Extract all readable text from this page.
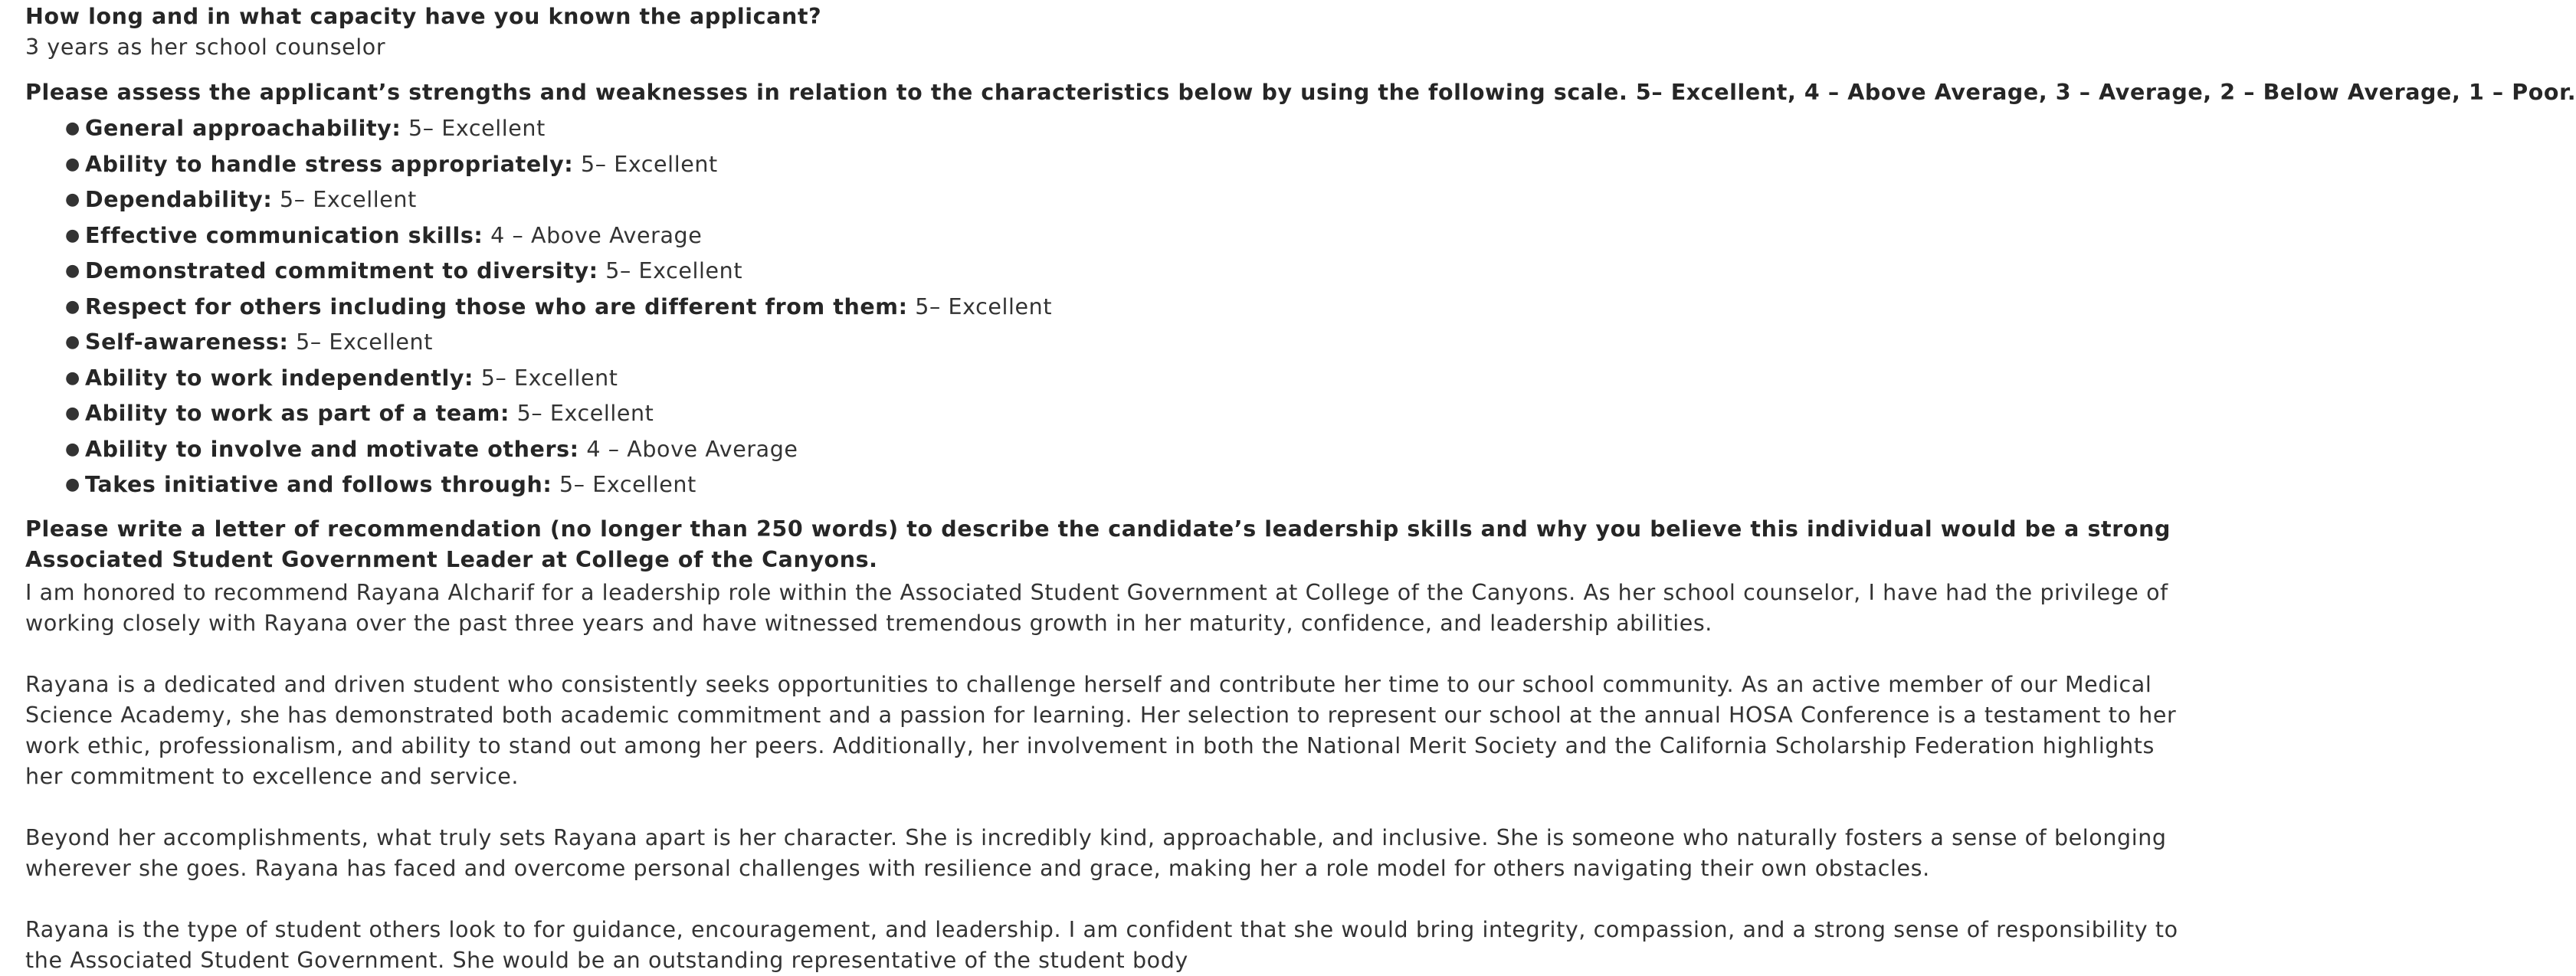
How long and in what capacity have you known the applicant?
3 years as her school counselor
Please assess the applicant’s strengths and weaknesses in relation to the characteristics below by using the following scale. 5– Excellent, 4 – Above Average, 3 – Average, 2 – Below Average, 1 – Poor.
● General approachability: 5– Excellent
● Ability to handle stress appropriately: 5– Excellent
● Dependability: 5– Excellent
● Effective communication skills: 4 – Above Average
● Demonstrated commitment to diversity: 5– Excellent
● Respect for others including those who are different from them: 5– Excellent
● Self-awareness: 5– Excellent
● Ability to work independently: 5– Excellent
● Ability to work as part of a team: 5– Excellent
● Ability to involve and motivate others: 4 – Above Average
● Takes initiative and follows through: 5– Excellent
Please write a letter of recommendation (no longer than 250 words) to describe the candidate’s leadership skills and why you believe this individual would be a strong Associated Student Government Leader at College of the Canyons.

I am honored to recommend Rayana Alcharif for a leadership role within the Associated Student Government at College of the Canyons. As her school counselor, I have had the privilege of working closely with Rayana over the past three years and have witnessed tremendous growth in her maturity, confidence, and leadership abilities.

Rayana is a dedicated and driven student who consistently seeks opportunities to challenge herself and contribute her time to our school community. As an active member of our Medical Science Academy, she has demonstrated both academic commitment and a passion for learning. Her selection to represent our school at the annual HOSA Conference is a testament to her work ethic, professionalism, and ability to stand out among her peers. Additionally, her involvement in both the National Merit Society and the California Scholarship Federation highlights her commitment to excellence and service.

Beyond her accomplishments, what truly sets Rayana apart is her character. She is incredibly kind, approachable, and inclusive. She is someone who naturally fosters a sense of belonging wherever she goes. Rayana has faced and overcome personal challenges with resilience and grace, making her a role model for others navigating their own obstacles.

Rayana is the type of student others look to for guidance, encouragement, and leadership. I am confident that she would bring integrity, compassion, and a strong sense of responsibility to the Associated Student Government. She would be an outstanding representative of the student body
